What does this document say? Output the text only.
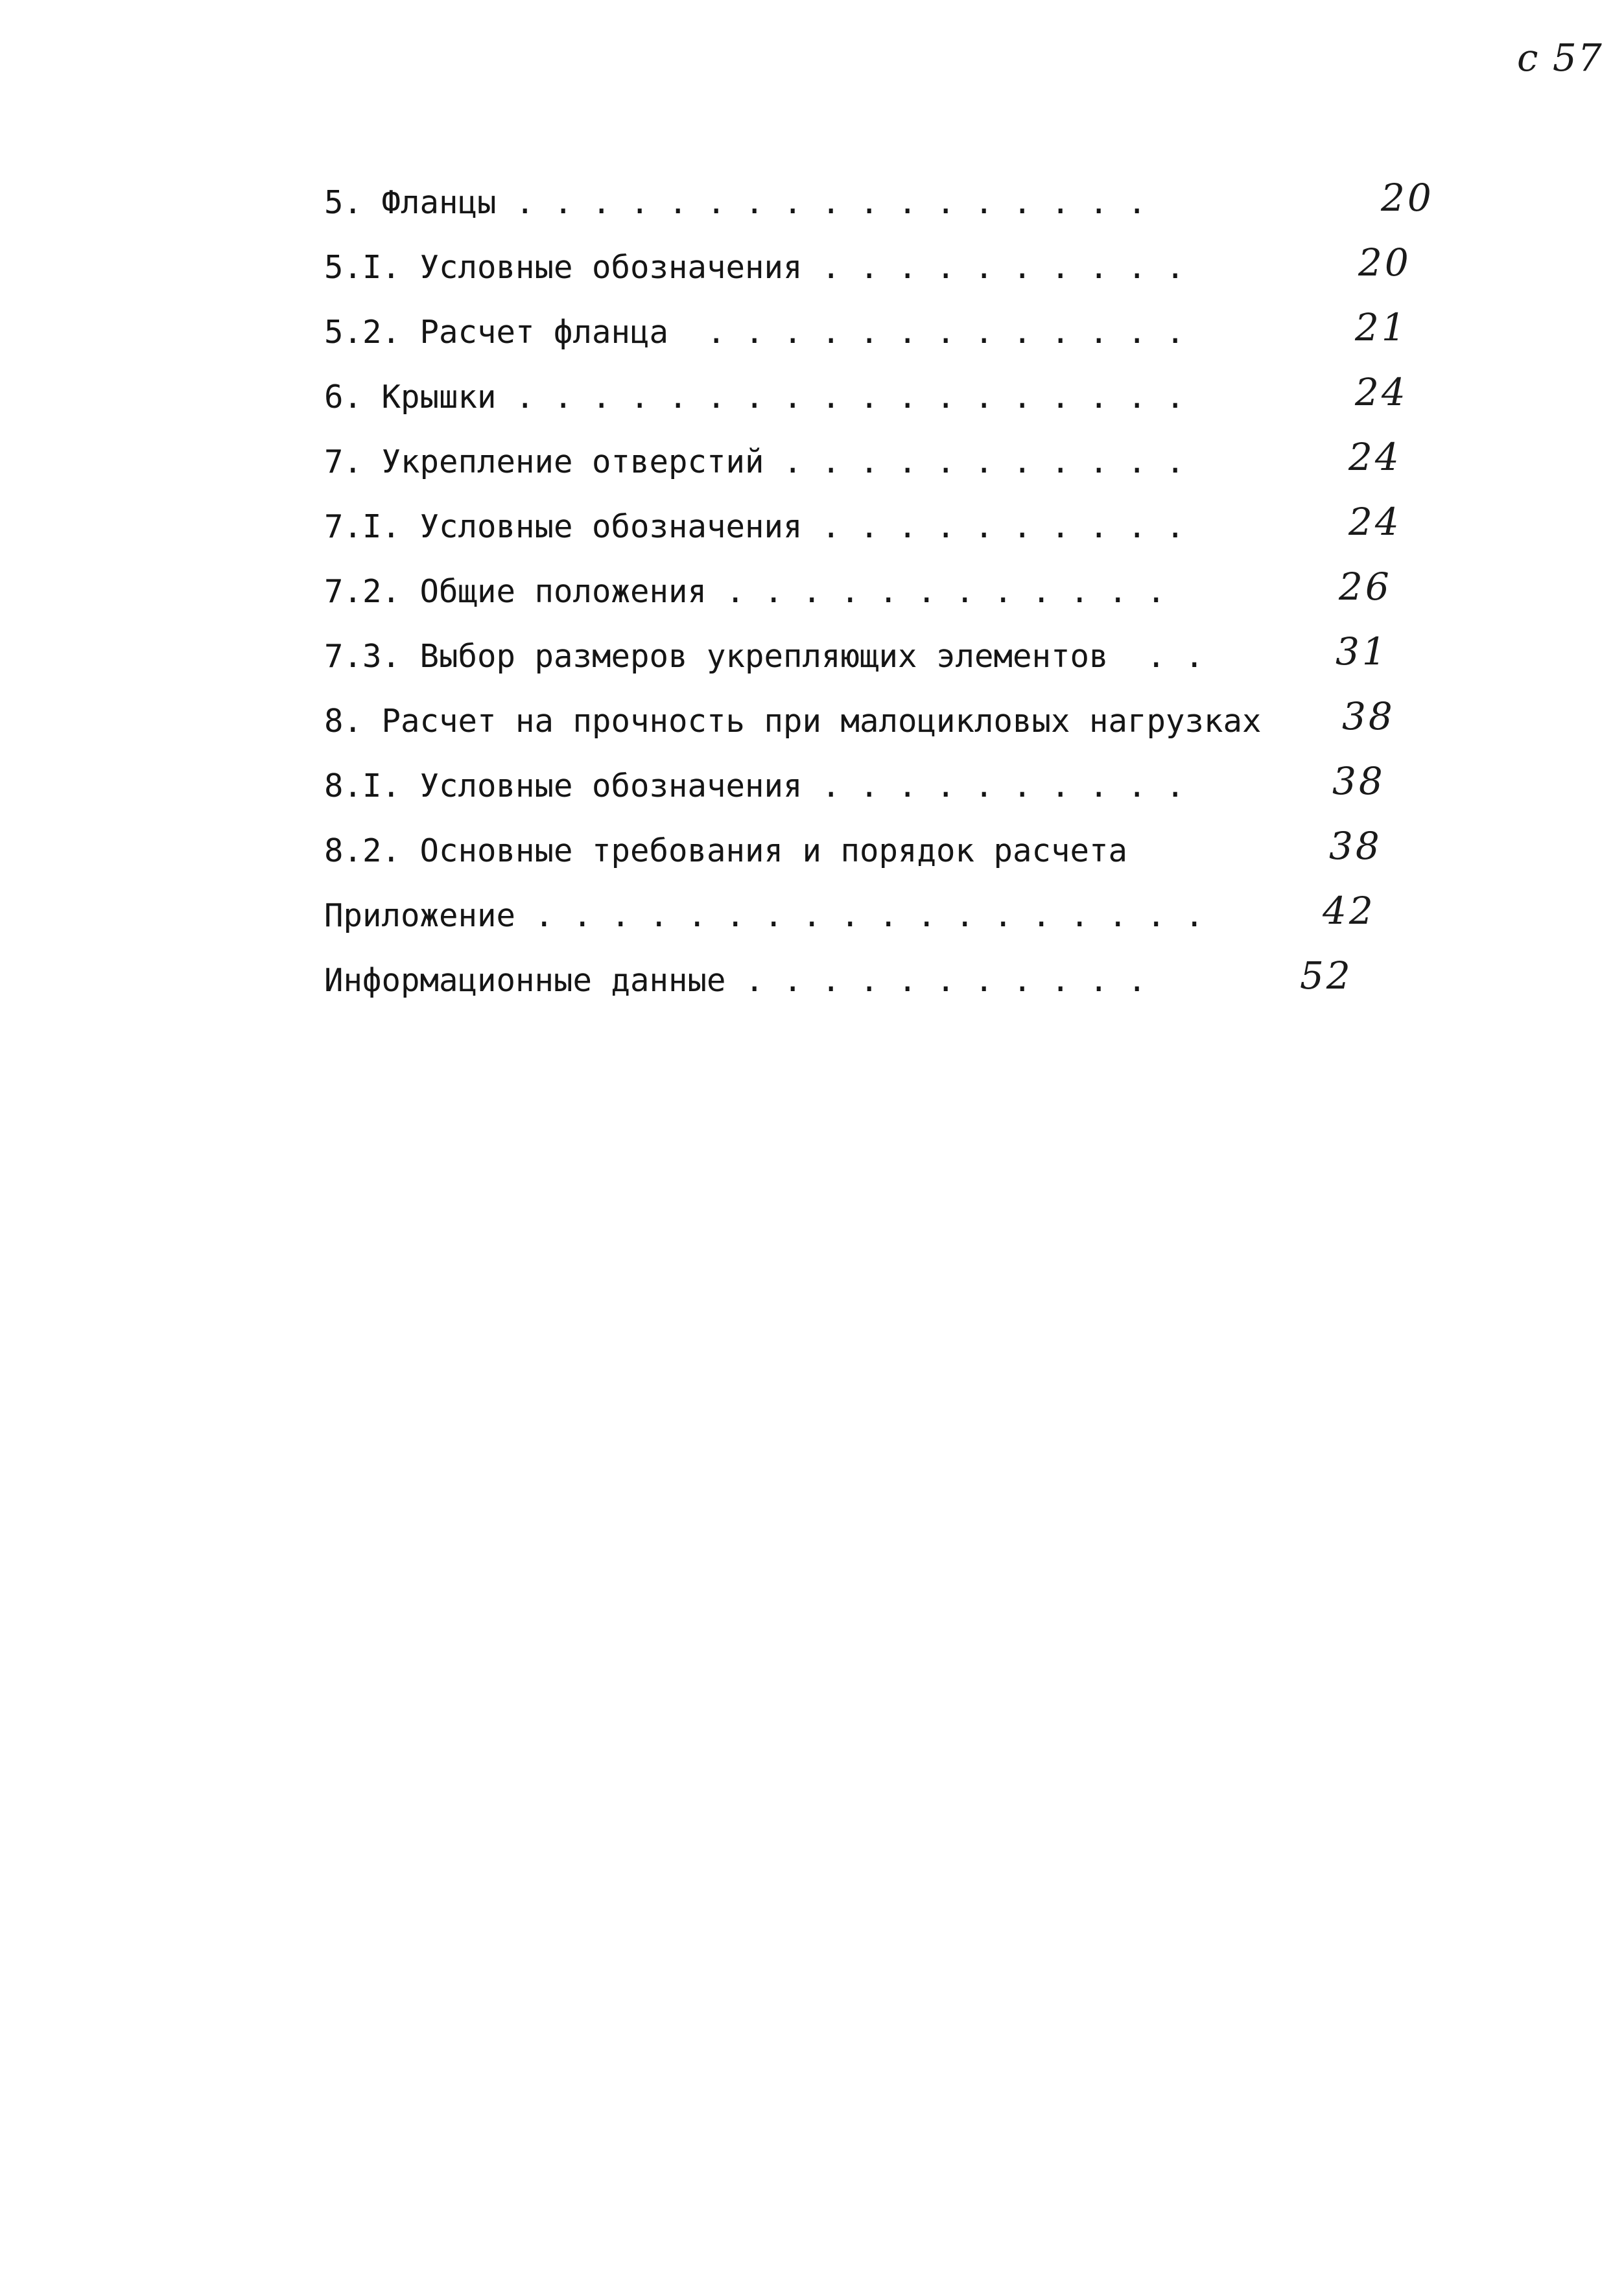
с 57
5. Фланцы . . . . . . . . . . . . . . . . .	20
5.I. Условные обозначения . . . . . . . . . .	20
5.2. Расчет фланца  . . . . . . . . . . . . .	21
6. Крышки . . . . . . . . . . . . . . . . . .	24
7. Укрепление отверстий . . . . . . . . . . .	24
7.I. Условные обозначения . . . . . . . . . .	24
7.2. Общие положения . . . . . . . . . . . .	26
7.3. Выбор размеров укрепляющих элементов  . .	31
8. Расчет на прочность при малоцикловых нагрузках 38
8.I. Условные обозначения . . . . . . . . . .	38
8.2. Основные требования и порядок расчета	38
Приложение . . . . . . . . . . . . . . . . . .	42
Информационные данные . . . . . . . . . . .	52
